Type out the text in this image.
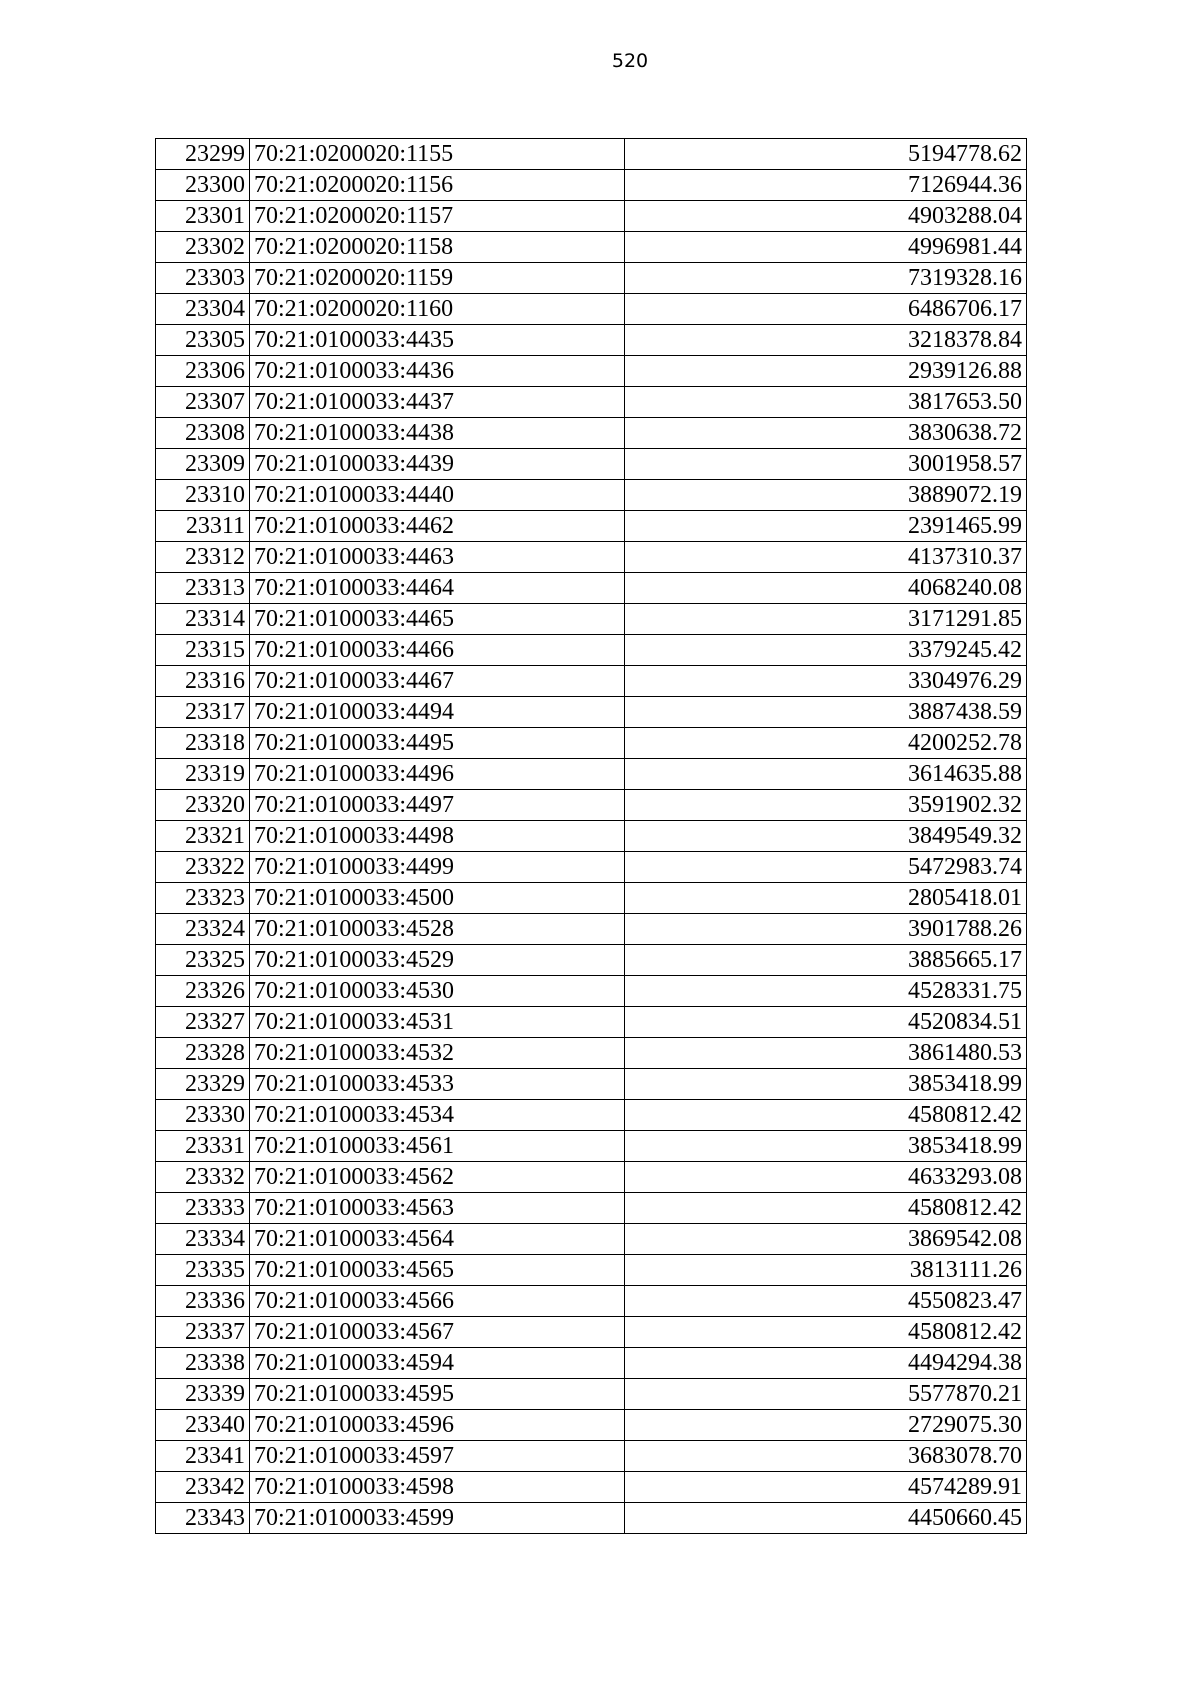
520
23299	70:21:0200020:1155	5194778.62
23300	70:21:0200020:1156	7126944.36
23301	70:21:0200020:1157	4903288.04
23302	70:21:0200020:1158	4996981.44
23303	70:21:0200020:1159	7319328.16
23304	70:21:0200020:1160	6486706.17
23305	70:21:0100033:4435	3218378.84
23306	70:21:0100033:4436	2939126.88
23307	70:21:0100033:4437	3817653.50
23308	70:21:0100033:4438	3830638.72
23309	70:21:0100033:4439	3001958.57
23310	70:21:0100033:4440	3889072.19
23311	70:21:0100033:4462	2391465.99
23312	70:21:0100033:4463	4137310.37
23313	70:21:0100033:4464	4068240.08
23314	70:21:0100033:4465	3171291.85
23315	70:21:0100033:4466	3379245.42
23316	70:21:0100033:4467	3304976.29
23317	70:21:0100033:4494	3887438.59
23318	70:21:0100033:4495	4200252.78
23319	70:21:0100033:4496	3614635.88
23320	70:21:0100033:4497	3591902.32
23321	70:21:0100033:4498	3849549.32
23322	70:21:0100033:4499	5472983.74
23323	70:21:0100033:4500	2805418.01
23324	70:21:0100033:4528	3901788.26
23325	70:21:0100033:4529	3885665.17
23326	70:21:0100033:4530	4528331.75
23327	70:21:0100033:4531	4520834.51
23328	70:21:0100033:4532	3861480.53
23329	70:21:0100033:4533	3853418.99
23330	70:21:0100033:4534	4580812.42
23331	70:21:0100033:4561	3853418.99
23332	70:21:0100033:4562	4633293.08
23333	70:21:0100033:4563	4580812.42
23334	70:21:0100033:4564	3869542.08
23335	70:21:0100033:4565	3813111.26
23336	70:21:0100033:4566	4550823.47
23337	70:21:0100033:4567	4580812.42
23338	70:21:0100033:4594	4494294.38
23339	70:21:0100033:4595	5577870.21
23340	70:21:0100033:4596	2729075.30
23341	70:21:0100033:4597	3683078.70
23342	70:21:0100033:4598	4574289.91
23343	70:21:0100033:4599	4450660.45
